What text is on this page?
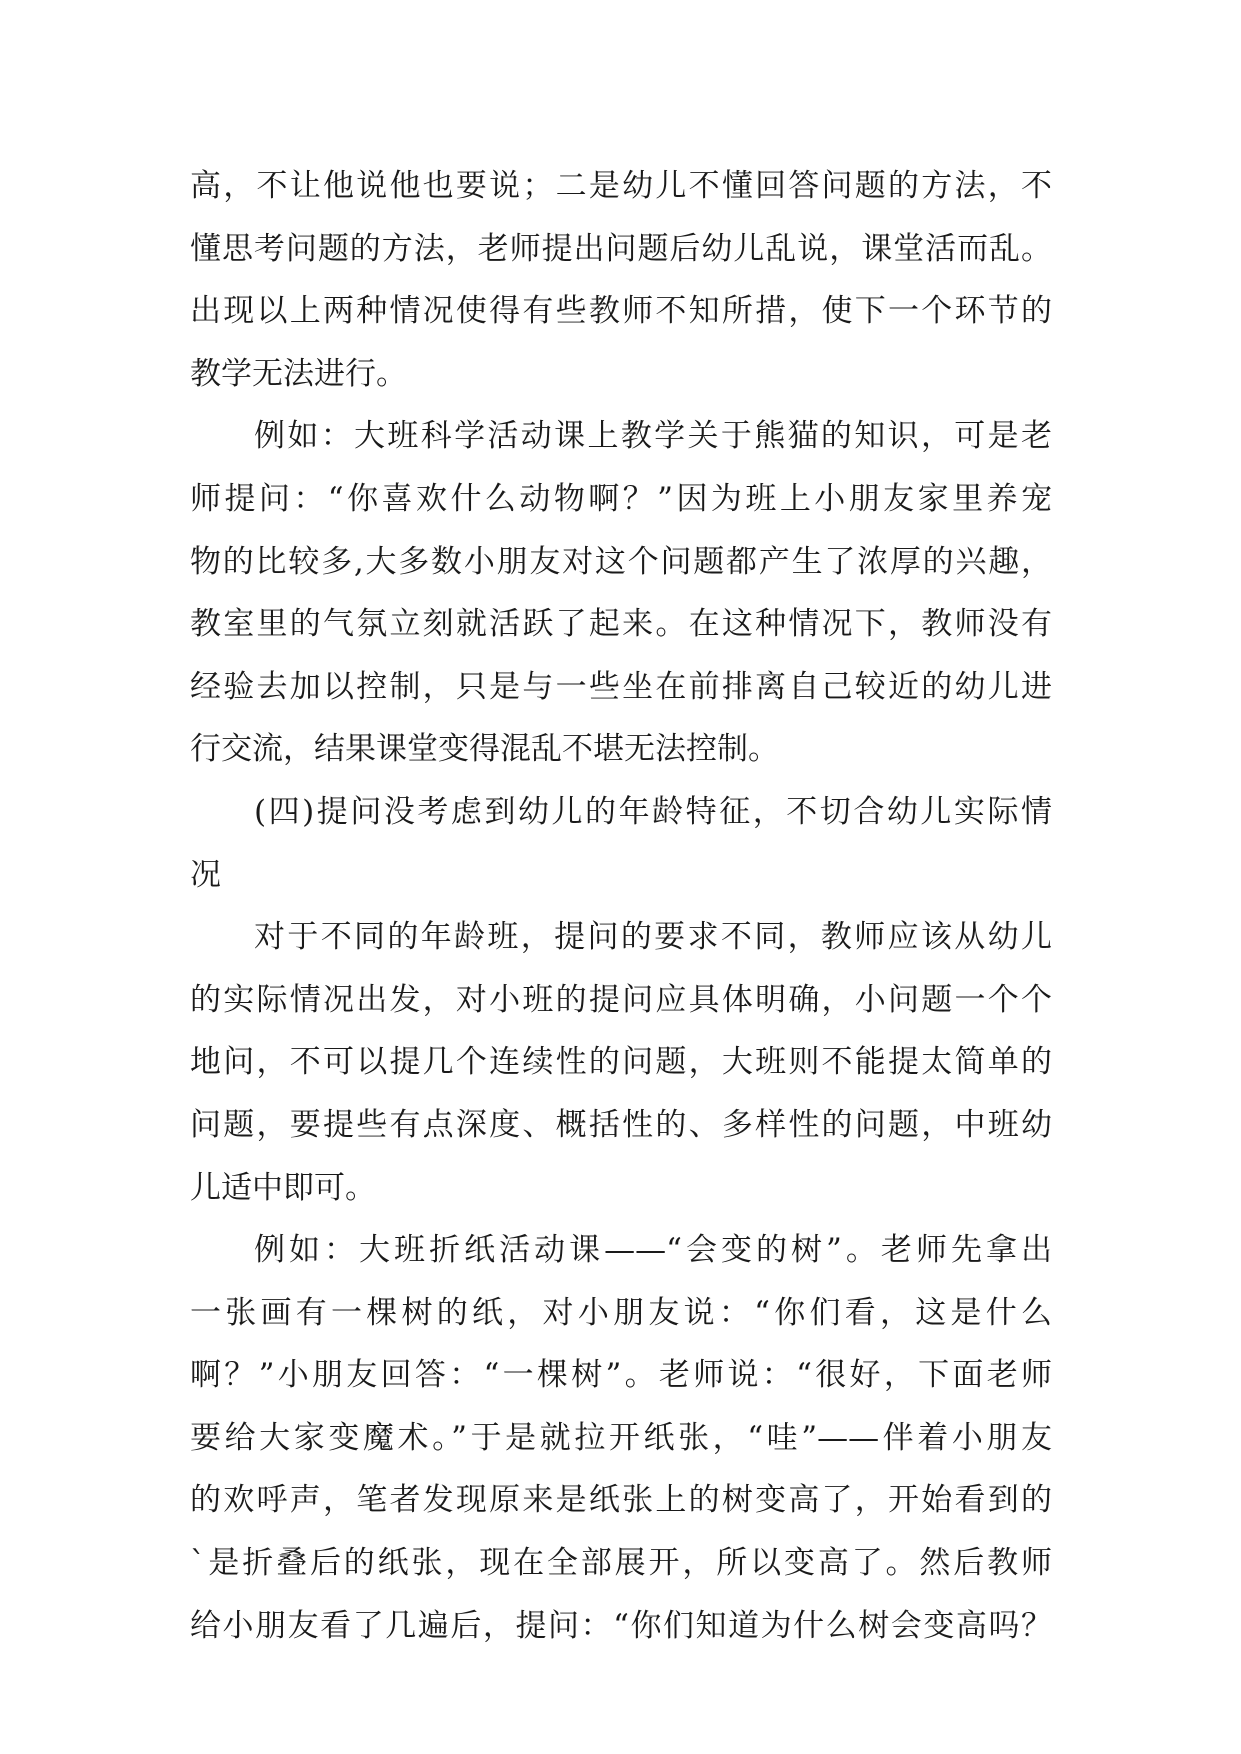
高，不让他说他也要说；二是幼儿不懂回答问题的方法，不
懂思考问题的方法，老师提出问题后幼儿乱说，课堂活而乱。
出现以上两种情况使得有些教师不知所措，使下一个环节的
教学无法进行。
例如：大班科学活动课上教学关于熊猫的知识，可是老
师提问：“你喜欢什么动物啊？”因为班上小朋友家里养宠
物的比较多,大多数小朋友对这个问题都产生了浓厚的兴趣，
教室里的气氛立刻就活跃了起来。在这种情况下，教师没有
经验去加以控制，只是与一些坐在前排离自己较近的幼儿进
行交流，结果课堂变得混乱不堪无法控制。
(四)提问没考虑到幼儿的年龄特征，不切合幼儿实际情
况
对于不同的年龄班，提问的要求不同，教师应该从幼儿
的实际情况出发，对小班的提问应具体明确，小问题一个个
地问，不可以提几个连续性的问题，大班则不能提太简单的
问题，要提些有点深度、概括性的、多样性的问题，中班幼
儿适中即可。
例如：大班折纸活动课——“会变的树”。老师先拿出
一张画有一棵树的纸，对小朋友说：“你们看，这是什么
啊？”小朋友回答：“一棵树”。老师说：“很好，下面老师
要给大家变魔术。”于是就拉开纸张，“哇”——伴着小朋友
的欢呼声，笔者发现原来是纸张上的树变高了，开始看到的
`是折叠后的纸张，现在全部展开，所以变高了。然后教师
给小朋友看了几遍后，提问：“你们知道为什么树会变高吗？
